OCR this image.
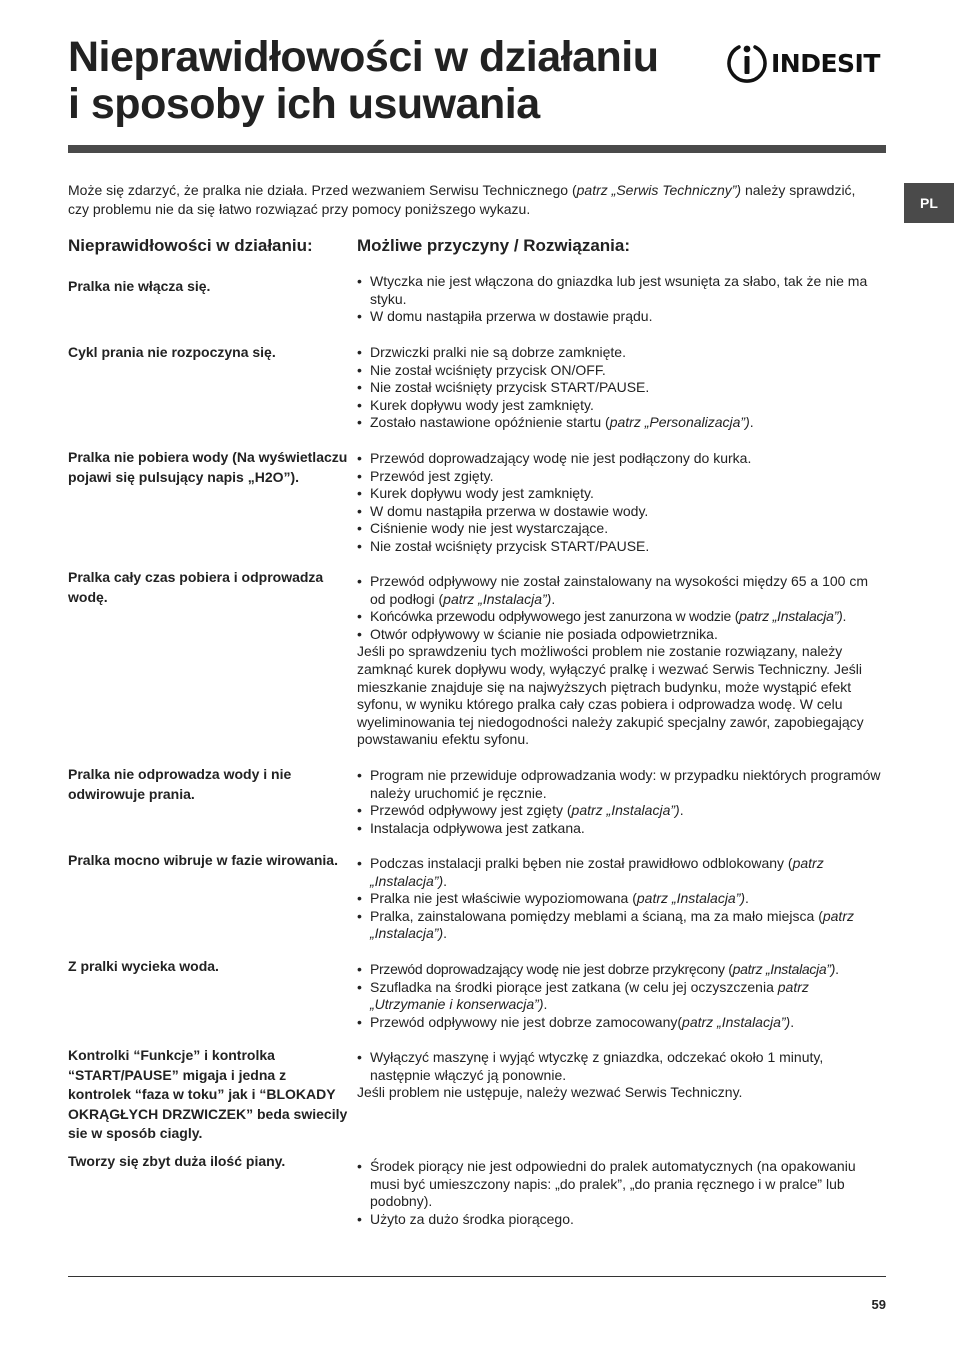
Nieprawidłowości w działaniu
i sposoby ich usuwania
INDESIT
PL

Może się zdarzyć, że pralka nie działa. Przed wezwaniem Serwisu Technicznego (patrz „Serwis Techniczny”) należy sprawdzić, czy problemu nie da się łatwo rozwiązać przy pomocy poniższego wykazu.

Nieprawidłowości w działaniu:	Możliwe przyczyny / Rozwiązania:

Pralka nie włącza się.	• Wtyczka nie jest włączona do gniazdka lub jest wsunięta za słabo, tak że nie ma styku.
• W domu nastąpiła przerwa w dostawie prądu.

Cykl prania nie rozpoczyna się.	• Drzwiczki pralki nie są dobrze zamknięte.
• Nie został wciśnięty przycisk ON/OFF.
• Nie został wciśnięty przycisk START/PAUSE.
• Kurek dopływu wody jest zamknięty.
• Zostało nastawione opóźnienie startu (patrz „Personalizacja”).

Pralka nie pobiera wody (Na wyświetlaczu pojawi się pulsujący napis „H2O”).

• Przewód doprowadzający wodę nie jest podłączony do kurka.
• Przewód jest zgięty.
• Kurek dopływu wody jest zamknięty.
• W domu nastąpiła przerwa w dostawie wody.
• Ciśnienie wody nie jest wystarczające.
• Nie został wciśnięty przycisk START/PAUSE.

Pralka cały czas pobiera i odprowadza wodę.

• Przewód odpływowy nie został zainstalowany na wysokości między 65 a 100 cm od podłogi (patrz „Instalacja”).
• Końcówka przewodu odpływowego jest zanurzona w wodzie (patrz „Instalacja”).
• Otwór odpływowy w ścianie nie posiada odpowietrznika.
Jeśli po sprawdzeniu tych możliwości problem nie zostanie rozwiązany, należy zamknąć kurek dopływu wody, wyłączyć pralkę i wezwać Serwis Techniczny. Jeśli mieszkanie znajduje się na najwyższych piętrach budynku, może wystąpić efekt syfonu, w wyniku którego pralka cały czas pobiera i odprowadza wodę. W celu wyeliminowania tej niedogodności należy zakupić specjalny zawór, zapobiegający powstawaniu efektu syfonu.

Pralka nie odprowadza wody i nie odwirowuje prania.

• Program nie przewiduje odprowadzania wody: w przypadku niektórych programów należy uruchomić je ręcznie.
• Przewód odpływowy jest zgięty (patrz „Instalacja”).
• Instalacja odpływowa jest zatkana.

Pralka mocno wibruje w fazie wirowania.	• Podczas instalacji pralki bęben nie został prawidłowo odblokowany (patrz „Instalacja”).
• Pralka nie jest właściwie wypoziomowana (patrz „Instalacja”).
• Pralka, zainstalowana pomiędzy meblami a ścianą, ma za mało miejsca (patrz „Instalacja”).

Z pralki wycieka woda.	• Przewód doprowadzający wodę nie jest dobrze przykręcony (patrz „Instalacja”).
• Szufladka na środki piorące jest zatkana (w celu jej oczyszczenia patrz „Utrzymanie i konserwacja”).
• Przewód odpływowy nie jest dobrze zamocowany(patrz „Instalacja”).

Kontrolki “Funkcje” i kontrolka “START/PAUSE” migaja i jedna z kontrolek “faza w toku” jak i “BLOKADY OKRĄGŁYCH DRZWICZEK” beda swiecily sie w sposób ciagly.

• Wyłączyć maszynę i wyjąć wtyczkę z gniazdka, odczekać około 1 minuty, następnie włączyć ją ponownie.
Jeśli problem nie ustępuje, należy wezwać Serwis Techniczny.

Tworzy się zbyt duża ilość piany.	• Środek piorący nie jest odpowiedni do pralek automatycznych (na opakowaniu musi być umieszczony napis: „do pralek”, „do prania ręcznego i w pralce” lub podobny).
• Użyto za dużo środka piorącego.
59
